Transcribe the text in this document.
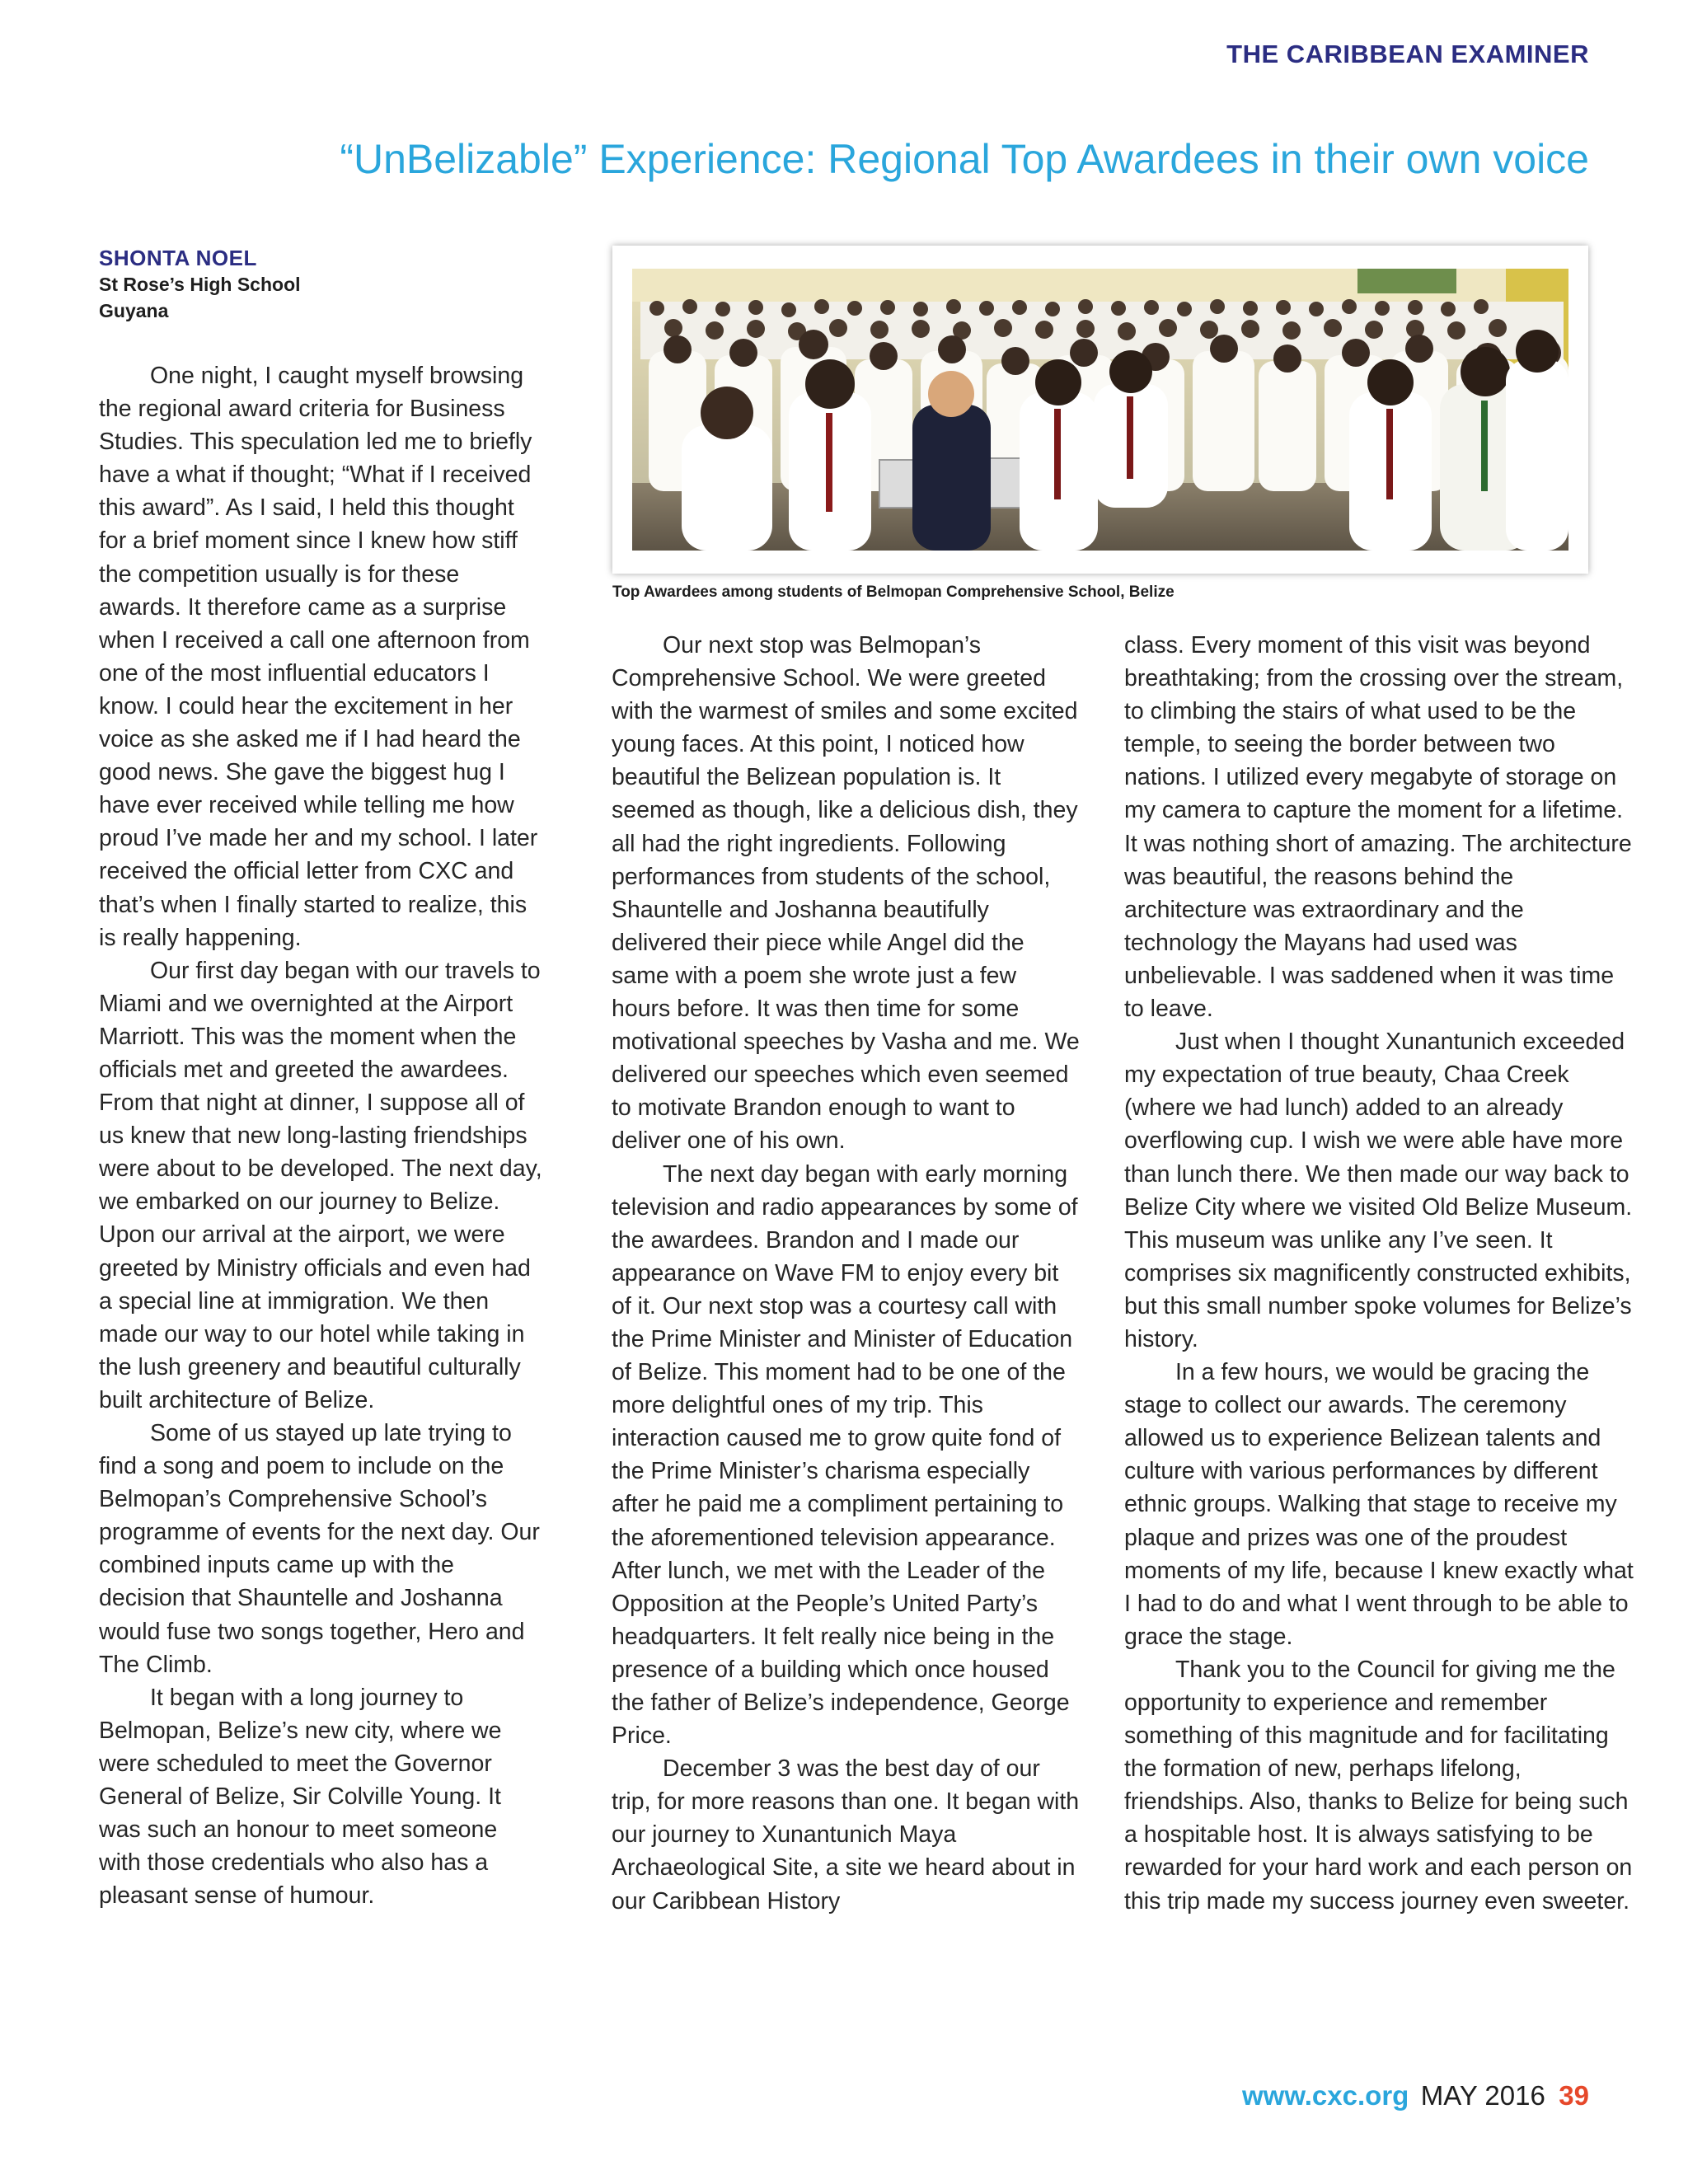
THE CARIBBEAN EXAMINER
“UnBelizable” Experience: Regional Top Awardees in their own voice
SHONTA NOEL
St Rose’s High School
Guyana
Top Awardees among students of Belmopan Comprehensive School, Belize

One night, I caught myself browsing the regional award criteria for Business Studies. This speculation led me to briefly have a what if thought; “What if I received this award”. As I said, I held this thought for a brief moment since I knew how stiff the competition usually is for these awards. It therefore came as a surprise when I received a call one afternoon from one of the most influential educators I know. I could hear the excitement in her voice as she asked me if I had heard the good news. She gave the biggest hug I have ever received while telling me how proud I’ve made her and my school. I later received the official letter from CXC and that’s when I finally started to realize, this is really happening.

Our first day began with our travels to Miami and we overnighted at the Airport Marriott. This was the moment when the officials met and greeted the awardees. From that night at dinner, I suppose all of us knew that new long-lasting friendships were about to be developed. The next day, we embarked on our journey to Belize. Upon our arrival at the airport, we were greeted by Ministry officials and even had a special line at immigration. We then made our way to our hotel while taking in the lush greenery and beautiful culturally built architecture of Belize.

Some of us stayed up late trying to find a song and poem to include on the Belmopan’s Comprehensive School’s programme of events for the next day. Our combined inputs came up with the decision that Shauntelle and Joshanna would fuse two songs together, Hero and The Climb.

It began with a long journey to Belmopan, Belize’s new city, where we were scheduled to meet the Governor General of Belize, Sir Colville Young. It was such an honour to meet someone with those credentials who also has a pleasant sense of humour.

Our next stop was Belmopan’s Comprehensive School. We were greeted with the warmest of smiles and some excited young faces. At this point, I noticed how beautiful the Belizean population is. It seemed as though, like a delicious dish, they all had the right ingredients. Following performances from students of the school, Shauntelle and Joshanna beautifully delivered their piece while Angel did the same with a poem she wrote just a few hours before. It was then time for some motivational speeches by Vasha and me. We delivered our speeches which even seemed to motivate Brandon enough to want to deliver one of his own.

The next day began with early morning television and radio appearances by some of the awardees. Brandon and I made our appearance on Wave FM to enjoy every bit of it. Our next stop was a courtesy call with the Prime Minister and Minister of Education of Belize. This moment had to be one of the more delightful ones of my trip. This interaction caused me to grow quite fond of the Prime Minister’s charisma especially after he paid me a compliment pertaining to the aforementioned television appearance. After lunch, we met with the Leader of the Opposition at the People’s United Party’s headquarters. It felt really nice being in the presence of a building which once housed the father of Belize’s independence, George Price.

December 3 was the best day of our trip, for more reasons than one. It began with our journey to Xunantunich Maya Archaeological Site, a site we heard about in our Caribbean History

class. Every moment of this visit was beyond breathtaking; from the crossing over the stream, to climbing the stairs of what used to be the temple, to seeing the border between two nations. I utilized every megabyte of storage on my camera to capture the moment for a lifetime. It was nothing short of amazing. The architecture was beautiful, the reasons behind the architecture was extraordinary and the technology the Mayans had used was unbelievable. I was saddened when it was time to leave.

Just when I thought Xunantunich exceeded my expectation of true beauty, Chaa Creek (where we had lunch) added to an already overflowing cup. I wish we were able have more than lunch there. We then made our way back to Belize City where we visited Old Belize Museum. This museum was unlike any I’ve seen. It comprises six magnificently constructed exhibits, but this small number spoke volumes for Belize’s history.

In a few hours, we would be gracing the stage to collect our awards. The ceremony allowed us to experience Belizean talents and culture with various performances by different ethnic groups. Walking that stage to receive my plaque and prizes was one of the proudest moments of my life, because I knew exactly what I had to do and what I went through to be able to grace the stage.

Thank you to the Council for giving me the opportunity to experience and remember something of this magnitude and for facilitating the formation of new, perhaps lifelong, friendships. Also, thanks to Belize for being such a hospitable host. It is always satisfying to be rewarded for your hard work and each person on this trip made my success journey even sweeter.

www.cxc.org MAY 2016 39
